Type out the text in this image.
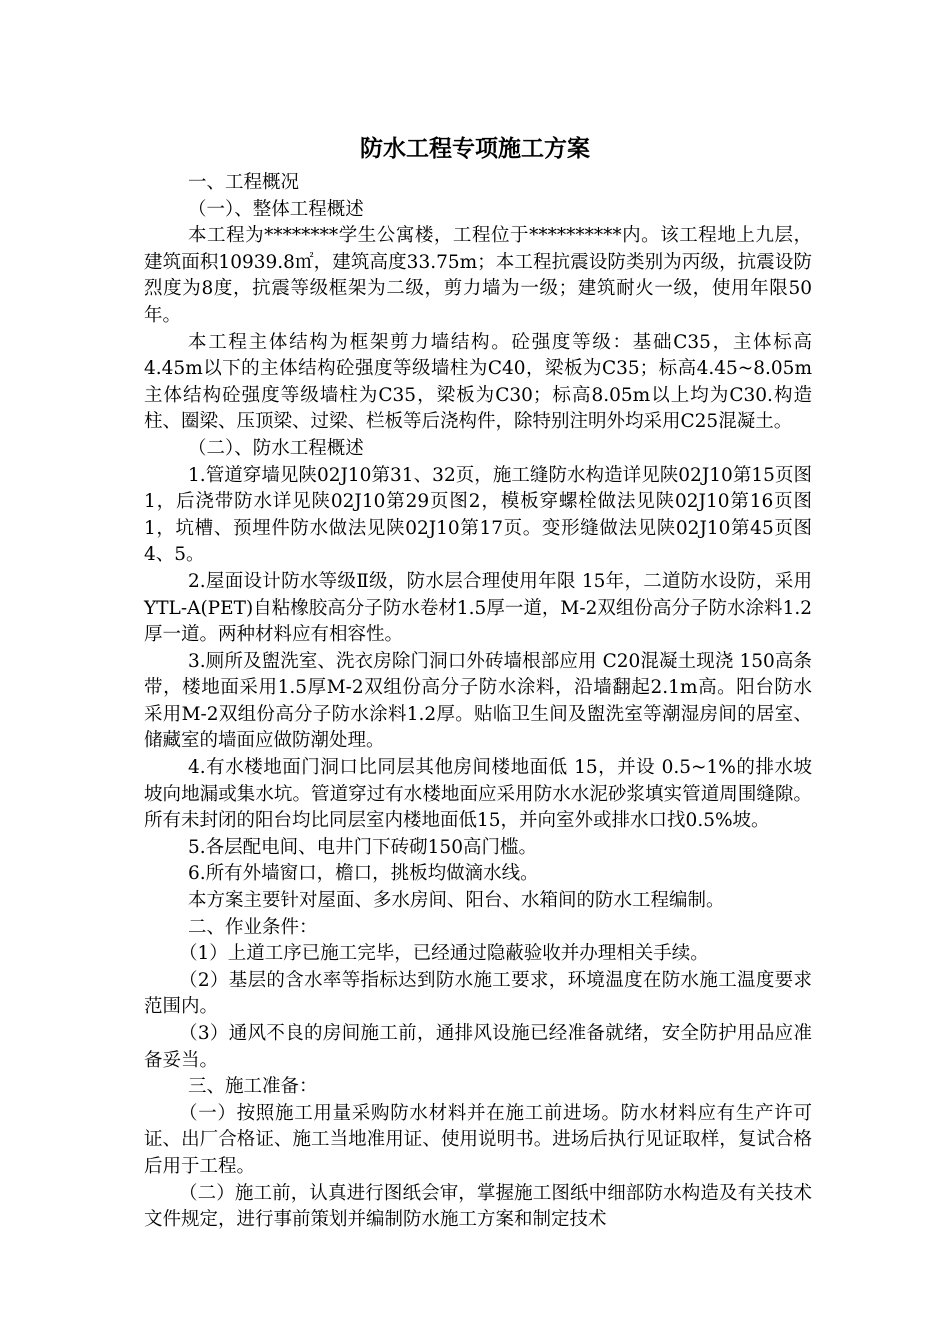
防水工程专项施工方案

一、工程概况

（一）、整体工程概述

本工程为********学生公寓楼，工程位于**********内。该工程地上九层，建筑面积10939.8㎡，建筑高度33.75m；本工程抗震设防类别为丙级，抗震设防烈度为8度，抗震等级框架为二级，剪力墙为一级；建筑耐火一级，使用年限50年。

本工程主体结构为框架剪力墙结构。砼强度等级：基础C35，主体标高4.45m以下的主体结构砼强度等级墙柱为C40，梁板为C35；标高4.45~8.05m主体结构砼强度等级墙柱为C35，梁板为C30；标高8.05m以上均为C30.构造柱、圈梁、压顶梁、过梁、栏板等后浇构件，除特别注明外均采用C25混凝土。

（二）、防水工程概述

1.管道穿墙见陕02J10第31、32页，施工缝防水构造详见陕02J10第15页图1，后浇带防水详见陕02J10第29页图2，模板穿螺栓做法见陕02J10第16页图1，坑槽、预埋件防水做法见陕02J10第17页。变形缝做法见陕02J10第45页图4、5。

2.屋面设计防水等级Ⅱ级，防水层合理使用年限 15年，二道防水设防，采用 YTL-A(PET)自粘橡胶高分子防水卷材1.5厚一道，M-2双组份高分子防水涂料1.2厚一道。两种材料应有相容性。

3.厕所及盥洗室、洗衣房除门洞口外砖墙根部应用 C20混凝土现浇 150高条带，楼地面采用1.5厚M-2双组份高分子防水涂料，沿墙翻起2.1m高。阳台防水采用M-2双组份高分子防水涂料1.2厚。贴临卫生间及盥洗室等潮湿房间的居室、储藏室的墙面应做防潮处理。

4.有水楼地面门洞口比同层其他房间楼地面低 15，并设 0.5~1%的排水坡坡向地漏或集水坑。管道穿过有水楼地面应采用防水水泥砂浆填实管道周围缝隙。所有未封闭的阳台均比同层室内楼地面低15，并向室外或排水口找0.5%坡。

5.各层配电间、电井门下砖砌150高门槛。

6.所有外墙窗口，檐口，挑板均做滴水线。

本方案主要针对屋面、多水房间、阳台、水箱间的防水工程编制。

二、作业条件：

（1）上道工序已施工完毕，已经通过隐蔽验收并办理相关手续。

（2）基层的含水率等指标达到防水施工要求，环境温度在防水施工温度要求范围内。

（3）通风不良的房间施工前，通排风设施已经准备就绪，安全防护用品应准备妥当。

三、施工准备：

（一）按照施工用量采购防水材料并在施工前进场。防水材料应有生产许可证、出厂合格证、施工当地准用证、使用说明书。进场后执行见证取样，复试合格后用于工程。

（二）施工前，认真进行图纸会审，掌握施工图纸中细部防水构造及有关技术文件规定，进行事前策划并编制防水施工方案和制定技术
